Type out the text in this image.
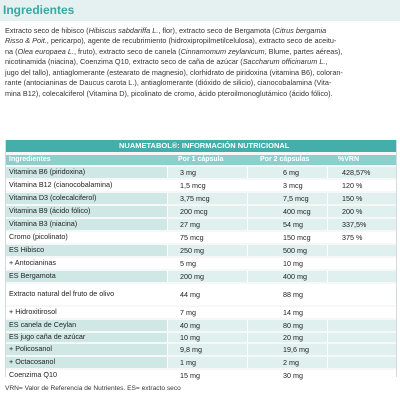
Ingredientes
Extracto seco de hibisco (Hibiscus sabdariffa L., flor), extracto seco de Bergamota (Citrus bergamia
Risso & Poit., pericarpo), agente de recubrimiento (hidroxipropilmetilcelulosa), extracto seco de aceitu-
na (Olea europaea L., fruto), extracto seco de canela (Cinnamomum zeylanicum, Blume, partes aéreas),
nicotinamida (niacina), Coenzima Q10, extracto seco de caña de azúcar (Saccharum officinarum L.,
jugo del tallo), antiaglomerante (estearato de magnesio), clorhidrato de piridoxina (vitamina B6), coloran-
rante (antocianinas de Daucus carota L.), antiaglomerante (dióxido de silicio), cianocobalamina (Vita-
mina B12), colecalciferol (Vitamina D), picolinato de cromo, ácido pteroilmonoglutámico (ácido fólico).
NUAMETABOL®: INFORMACIÓN NUTRICIONAL
Ingredientes	Por 1 cápsula	Por 2 cápsulas	%VRN
Vitamina B6 (piridoxina)	3 mg	6 mg	428,57%
Vitamina B12 (cianocobalamina)	1,5 mcg	3 mcg	120 %
Vitamina D3 (colecalciferol)	3,75 mcg	7,5 mcg	150 %
Vitamina B9 (ácido fólico)	200 mcg	400 mcg	200 %
Vitamina B3 (niacina)	27 mg	54 mg	337,5%
Cromo (picolinato)	75 mcg	150 mcg	375 %
ES Hibisco	250 mg	500 mg
+ Antocianinas	5 mg	10 mg
ES Bergamota	200 mg	400 mg
Extracto natural del fruto de olivo	44 mg	88 mg
+ Hidroxitirosol	7 mg	14 mg
ES canela de Ceylan	40 mg	80 mg
ES jugo caña de azúcar	10 mg	20 mg
+ Policosanol	9,8 mg	19,6 mg
+ Octacosanol	1 mg	2 mg
Coenzima Q10	15 mg	30 mg
VRN= Valor de Referencia de Nutrientes. ES= extracto seco
